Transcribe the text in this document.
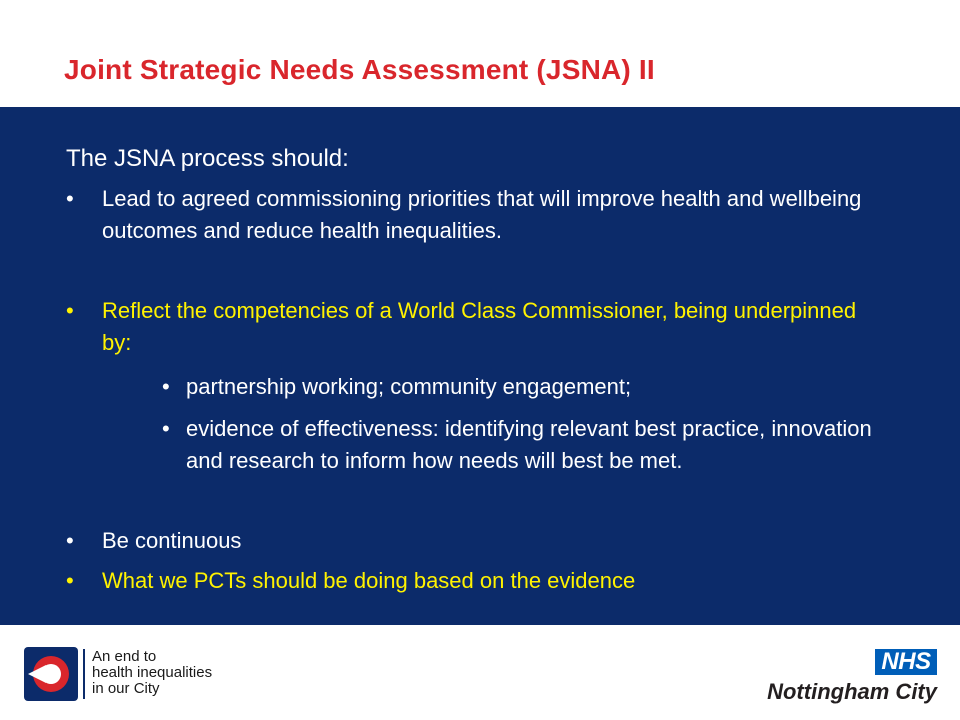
Joint Strategic Needs Assessment (JSNA) II
The JSNA process should:
• Lead to agreed commissioning priorities that will improve health and wellbeing outcomes and reduce health inequalities.
• Reflect the competencies of a World Class Commissioner, being underpinned by:
• partnership working; community engagement;
• evidence of effectiveness: identifying relevant best practice, innovation and research to inform how needs will best be met.
• Be continuous
• What we PCTs should be doing based on the evidence
An end to
health inequalities
in our City
NHS
Nottingham City
